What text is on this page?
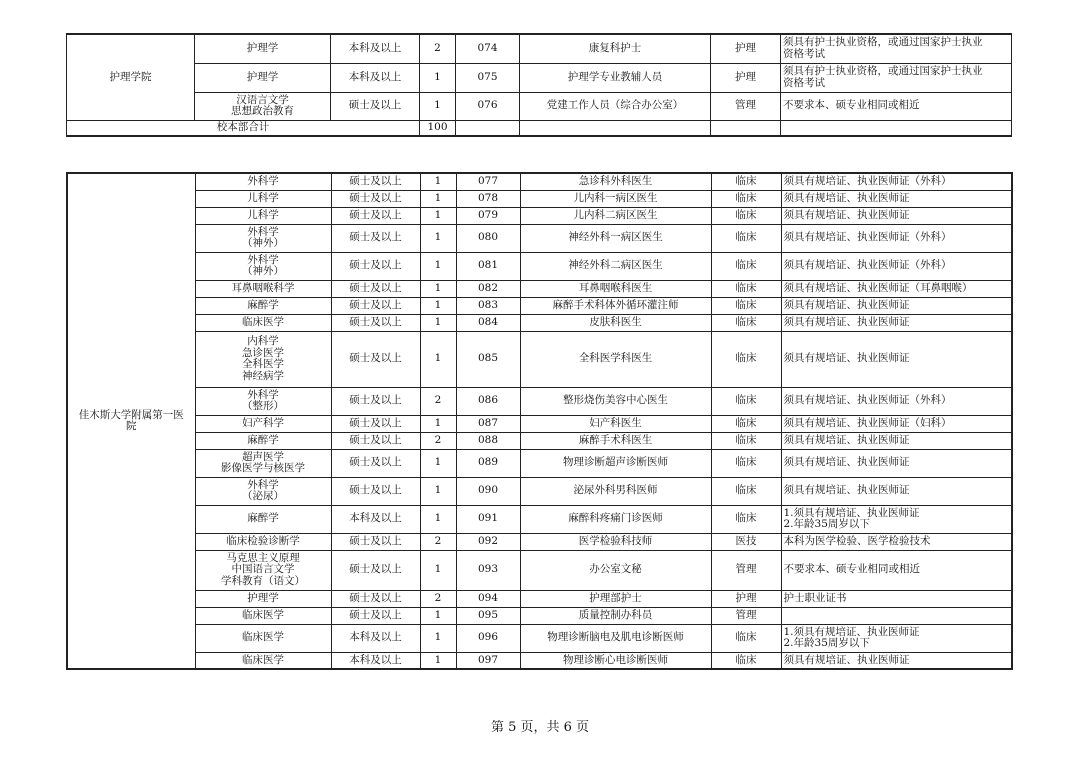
护理学院	护理学	本科及以上	2	074	康复科护士	护理	须具有护士执业资格，或通过国家护士执业
资格考试
	护理学	本科及以上	1	075	护理学专业教辅人员	护理	须具有护士执业资格，或通过国家护士执业
资格考试
	汉语言文学
思想政治教育	硕士及以上	1	076	党建工作人员（综合办公室）	管理	不要求本、硕专业相同或相近
校本部合计			100				
佳木斯大学附属第一医
院	外科学	硕士及以上	1	077	急诊科外科医生	临床	须具有规培证、执业医师证（外科）
	儿科学	硕士及以上	1	078	儿内科一病区医生	临床	须具有规培证、执业医师证
	儿科学	硕士及以上	1	079	儿内科二病区医生	临床	须具有规培证、执业医师证
	外科学
（神外）	硕士及以上	1	080	神经外科一病区医生	临床	须具有规培证、执业医师证（外科）
	外科学
（神外）	硕士及以上	1	081	神经外科二病区医生	临床	须具有规培证、执业医师证（外科）
	耳鼻咽喉科学	硕士及以上	1	082	耳鼻咽喉科医生	临床	须具有规培证、执业医师证（耳鼻咽喉）
	麻醉学	硕士及以上	1	083	麻醉手术科体外循环灌注师	临床	须具有规培证、执业医师证
	临床医学	硕士及以上	1	084	皮肤科医生	临床	须具有规培证、执业医师证
	内科学
急诊医学
全科医学
神经病学	硕士及以上	1	085	全科医学科医生	临床	须具有规培证、执业医师证
	外科学
（整形）	硕士及以上	2	086	整形烧伤美容中心医生	临床	须具有规培证、执业医师证（外科）
	妇产科学	硕士及以上	1	087	妇产科医生	临床	须具有规培证、执业医师证（妇科）
	麻醉学	硕士及以上	2	088	麻醉手术科医生	临床	须具有规培证、执业医师证
	超声医学
影像医学与核医学	硕士及以上	1	089	物理诊断超声诊断医师	临床	须具有规培证、执业医师证
	外科学
（泌尿）	硕士及以上	1	090	泌尿外科男科医师	临床	须具有规培证、执业医师证
	麻醉学	本科及以上	1	091	麻醉科疼痛门诊医师	临床	1.须具有规培证、执业医师证
2.年龄35周岁以下
	临床检验诊断学	硕士及以上	2	092	医学检验科技师	医技	本科为医学检验、医学检验技术
	马克思主义原理
中国语言文学
学科教育（语文）	硕士及以上	1	093	办公室文秘	管理	不要求本、硕专业相同或相近
	护理学	硕士及以上	2	094	护理部护士	护理	护士职业证书
	临床医学	硕士及以上	1	095	质量控制办科员	管理	
	临床医学	本科及以上	1	096	物理诊断脑电及肌电诊断医师	临床	1.须具有规培证、执业医师证
2.年龄35周岁以下
	临床医学	本科及以上	1	097	物理诊断心电诊断医师	临床	须具有规培证、执业医师证
第 5 页，共 6 页
